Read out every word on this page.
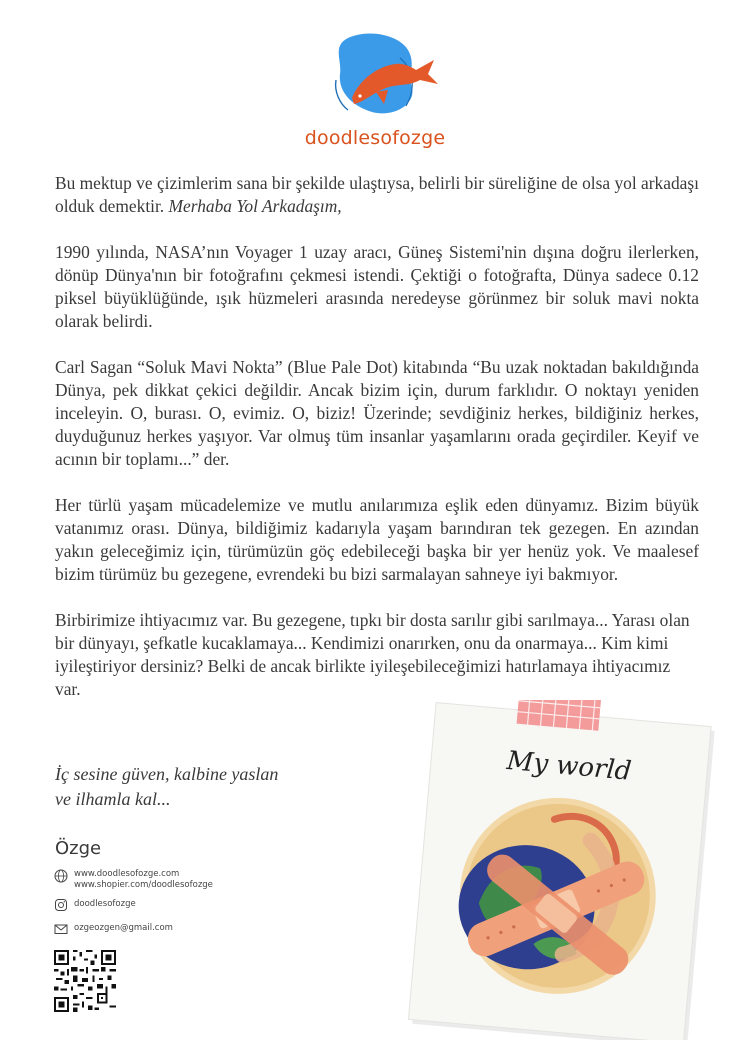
doodlesofozge

Bu mektup ve çizimlerim sana bir şekilde ulaştıysa, belirli bir süreliğine de olsa yol arkadaşı olduk demektir. Merhaba Yol Arkadaşım,

1990 yılında, NASA’nın Voyager 1 uzay aracı, Güneş Sistemi'nin dışına doğru ilerlerken, dönüp Dünya'nın bir fotoğrafını çekmesi istendi. Çektiği o fotoğrafta, Dünya sadece 0.12 piksel büyüklüğünde, ışık hüzmeleri arasında neredeyse görünmez bir soluk mavi nokta olarak belirdi.

Carl Sagan “Soluk Mavi Nokta” (Blue Pale Dot) kitabında “Bu uzak noktadan bakıldığında Dünya, pek dikkat çekici değildir. Ancak bizim için, durum farklıdır. O noktayı yeniden inceleyin. O, burası. O, evimiz. O, biziz! Üzerinde; sevdiğiniz herkes, bildiğiniz herkes, duyduğunuz herkes yaşıyor. Var olmuş tüm insanlar yaşamlarını orada geçirdiler. Keyif ve acının bir toplamı...” der.

Her türlü yaşam mücadelemize ve mutlu anılarımıza eşlik eden dünyamız. Bizim büyük vatanımız orası. Dünya, bildiğimiz kadarıyla yaşam barındıran tek gezegen. En azından yakın geleceğimiz için, türümüzün göç edebileceği başka bir yer henüz yok. Ve maalesef bizim türümüz bu gezegene, evrendeki bu bizi sarmalayan sahneye iyi bakmıyor.

Birbirimize ihtiyacımız var. Bu gezegene, tıpkı bir dosta sarılır gibi sarılmaya... Yarası olan bir dünyayı, şefkatle kucaklamaya... Kendimizi onarırken, onu da onarmaya... Kim kimi iyileştiriyor dersiniz? Belki de ancak birlikte iyileşebileceğimizi hatırlamaya ihtiyacımız var.

İç sesine güven, kalbine yaslan
ve ilhamla kal...
Özge
www.doodlesofozge.com
www.shopier.com/doodlesofozge
doodlesofozge
ozgeozgen@gmail.com
My world
